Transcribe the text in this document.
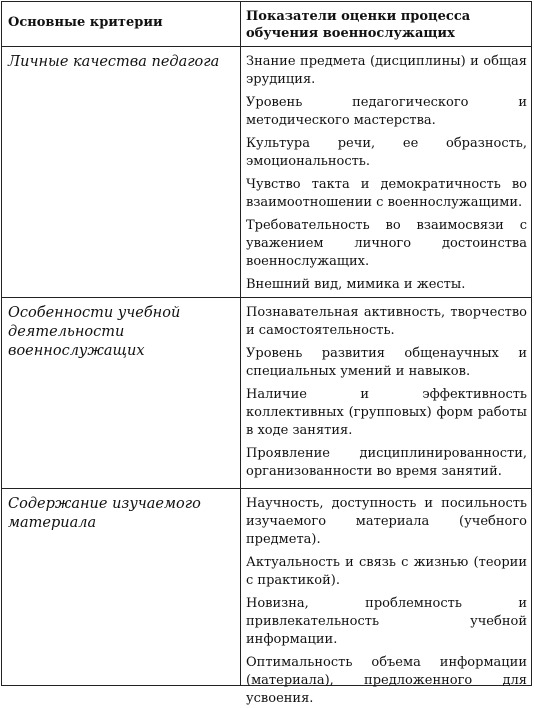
Основные критерии	Показатели оценки процесса обучения военнослужащих
Личные качества педагога	Знание предмета (дисциплины) и общая эрудиция.
Уровень педагогического и методического мастерства.
Культура речи, ее образность, эмоциональность.
Чувство такта и демократичность во взаимоотношении с военнослужащими.
Требовательность во взаимосвязи с уважением личного достоинства военнослужащих.
Внешний вид, мимика и жесты.
Особенности учебной деятельности военнослужащих
Познавательная активность, творчество и самостоятельность.
Уровень развития общенаучных и специальных умений и навыков.
Наличие и эффективность коллективных (групповых) форм работы в ходе занятия.
Проявление дисциплинированности, организованности во время занятий.
Содержание изучаемого материала
Научность, доступность и посильность изучаемого материала (учебного предмета).
Актуальность и связь с жизнью (теории с практикой).
Новизна, проблемность и привлекательность учебной информации.
Оптимальность объема информации (материала), предложенного для усвоения.
